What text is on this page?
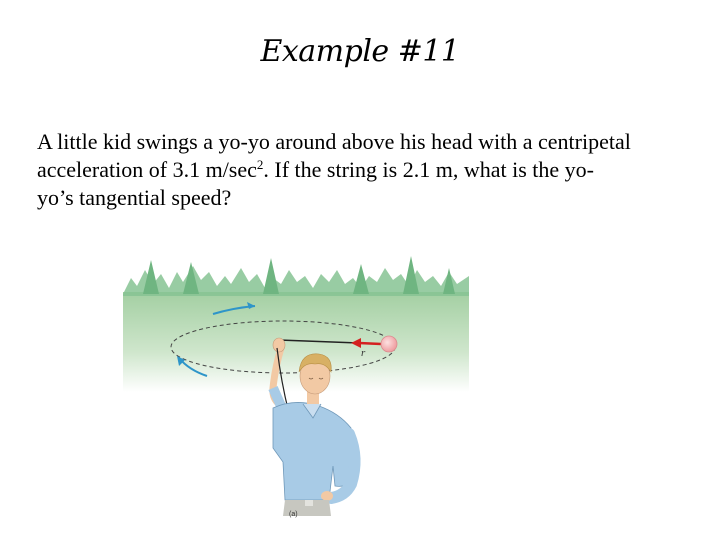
Example #11
A little kid swings a yo-yo around above his head with a centripetal
acceleration of 3.1 $m/\sec^2$. If the string is 2.1 m, what is the yo-
yo’s tangential speed?
r
(a)
